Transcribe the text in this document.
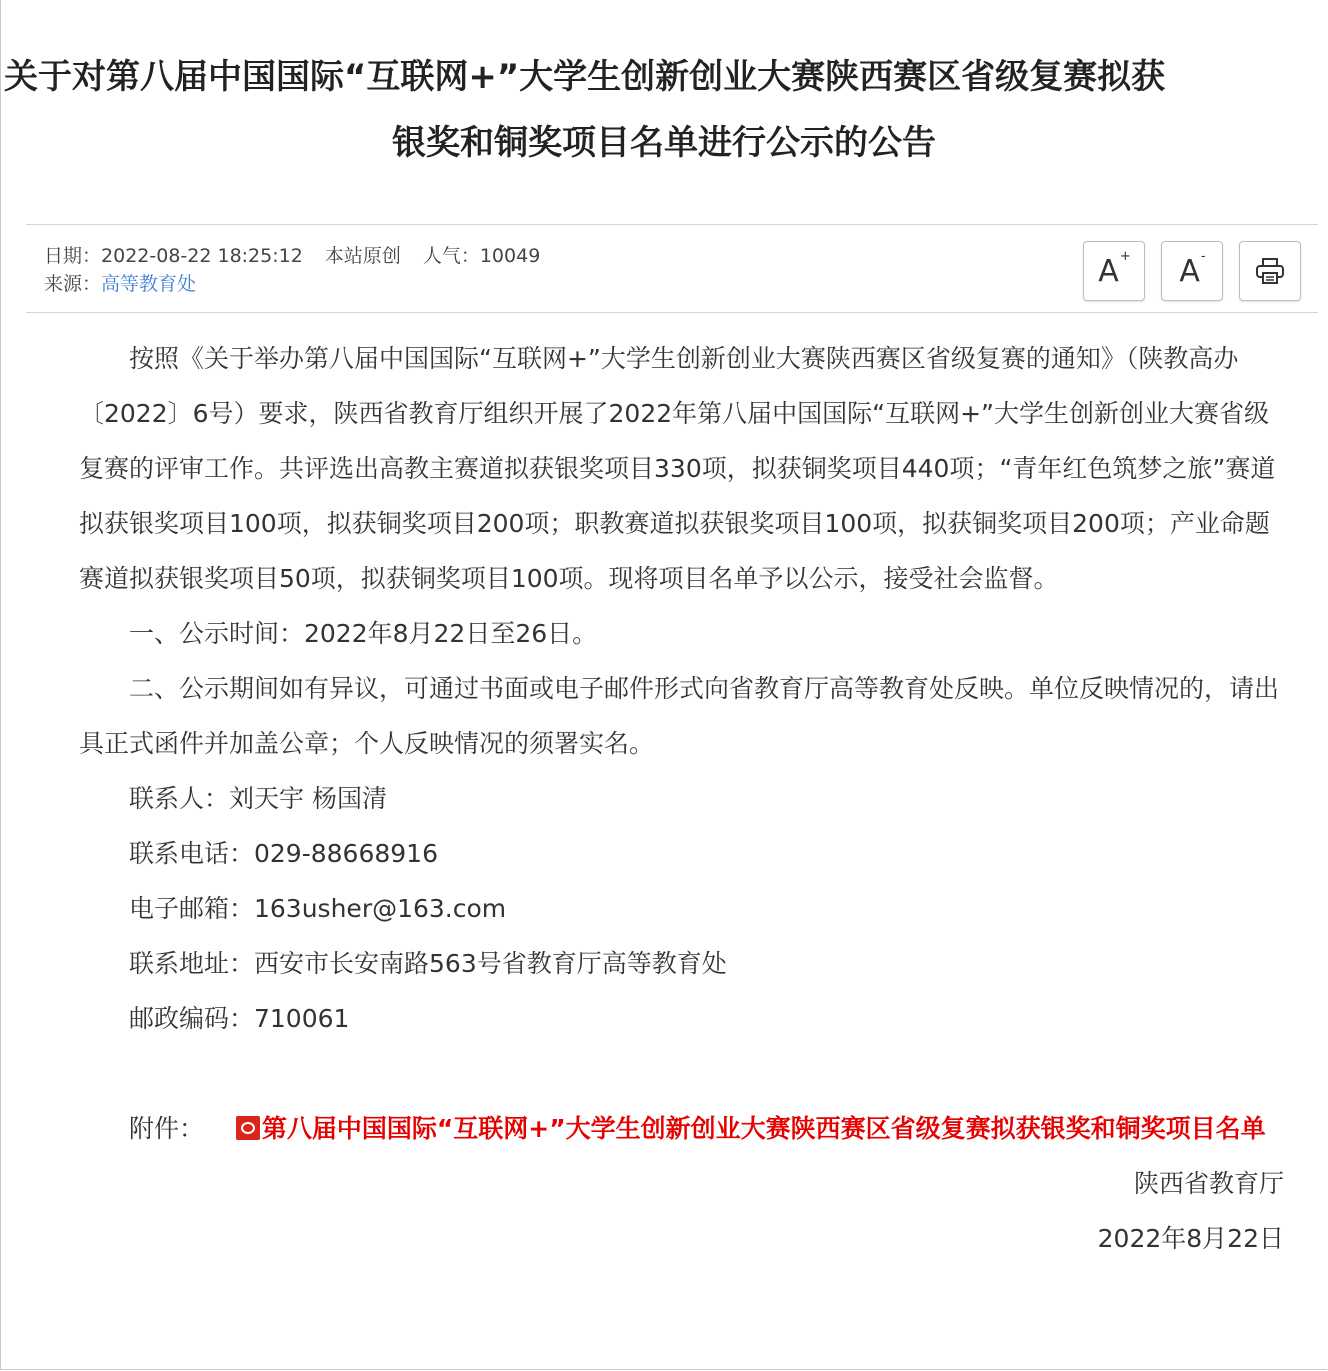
关于对第八届中国国际“互联网+”大学生创新创业大赛陕西赛区省级复赛拟获
银奖和铜奖项目名单进行公示的公告
日期：2022-08-22 18:25:12 本站原创 人气：10049
来源：高等教育处	A+ A-

按照《关于举办第八届中国国际“互联网+”大学生创新创业大赛陕西赛区省级复赛的通知》（陕教高办〔2022〕6号）要求，陕西省教育厅组织开展了2022年第八届中国国际“互联网+”大学生创新创业大赛省级复赛的评审工作。共评选出高教主赛道拟获银奖项目330项，拟获铜奖项目440项；“青年红色筑梦之旅”赛道拟获银奖项目100项，拟获铜奖项目200项；职教赛道拟获银奖项目100项，拟获铜奖项目200项；产业命题赛道拟获银奖项目50项，拟获铜奖项目100项。现将项目名单予以公示，接受社会监督。

一、公示时间：2022年8月22日至26日。

二、公示期间如有异议，可通过书面或电子邮件形式向省教育厅高等教育处反映。单位反映情况的，请出具正式函件并加盖公章；个人反映情况的须署实名。

联系人：刘天宇 杨国清

联系电话：029-88668916

电子邮箱：163usher@163.com

联系地址：西安市长安南路563号省教育厅高等教育处

邮政编码：710061

附件： 第八届中国国际“互联网+”大学生创新创业大赛陕西赛区省级复赛拟获银奖和铜奖项目名单

陕西省教育厅

2022年8月22日
